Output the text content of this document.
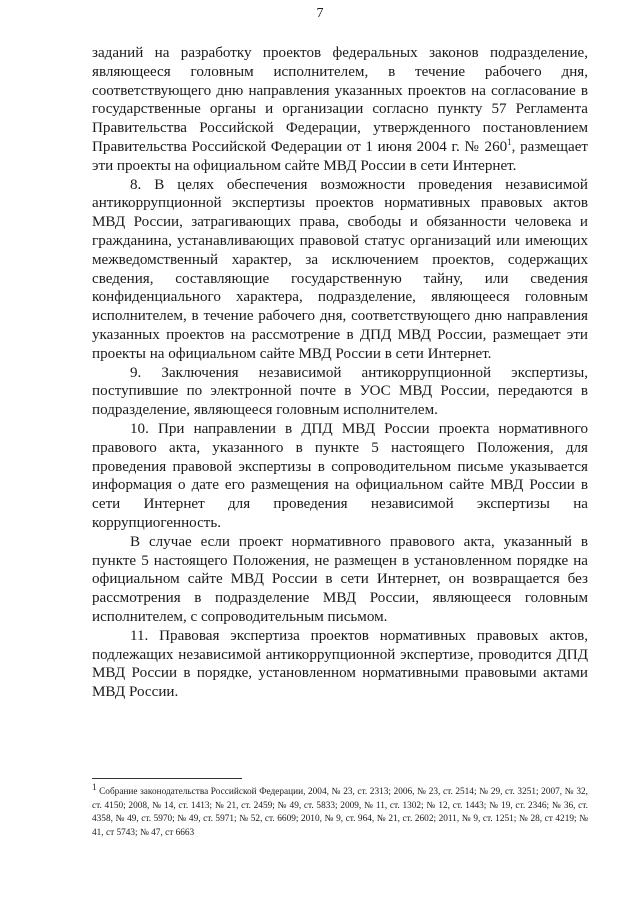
7

заданий на разработку проектов федеральных законов подразделение, являющееся головным исполнителем, в течение рабочего дня, соответствующего дню направления указанных проектов на согласование в государственные органы и организации согласно пункту 57 Регламента Правительства Российской Федерации, утвержденного постановлением Правительства Российской Федерации от 1 июня 2004 г. № $260^1$, размещает эти проекты на официальном сайте МВД России в сети Интернет.

8. В целях обеспечения возможности проведения независимой антикоррупционной экспертизы проектов нормативных правовых актов МВД России, затрагивающих права, свободы и обязанности человека и гражданина, устанавливающих правовой статус организаций или имеющих межведомственный характер, за исключением проектов, содержащих сведения, составляющие государственную тайну, или сведения конфиденциального характера, подразделение, являющееся головным исполнителем, в течение рабочего дня, соответствующего дню направления указанных проектов на рассмотрение в ДПД МВД России, размещает эти проекты на официальном сайте МВД России в сети Интернет.

9. Заключения независимой антикоррупционной экспертизы, поступившие по электронной почте в УОС МВД России, передаются в подразделение, являющееся головным исполнителем.

10. При направлении в ДПД МВД России проекта нормативного правового акта, указанного в пункте 5 настоящего Положения, для проведения правовой экспертизы в сопроводительном письме указывается информация о дате его размещения на официальном сайте МВД России в сети Интернет для проведения независимой экспертизы на коррупциогенность.

В случае если проект нормативного правового акта, указанный в пункте 5 настоящего Положения, не размещен в установленном порядке на официальном сайте МВД России в сети Интернет, он возвращается без рассмотрения в подразделение МВД России, являющееся головным исполнителем, с сопроводительным письмом.

11. Правовая экспертиза проектов нормативных правовых актов, подлежащих независимой антикоррупционной экспертизе, проводится ДПД МВД России в порядке, установленном нормативными правовыми актами МВД России.

$^1$ Собрание законодательства Российской Федерации, 2004, № 23, ст. 2313; 2006, № 23, ст. 2514; № 29, ст. 3251; 2007, № 32, ст. 4150; 2008, № 14, ст. 1413; № 21, ст. 2459; № 49, ст. 5833; 2009, № 11, ст. 1302; № 12, ст. 1443; № 19, ст. 2346; № 36, ст. 4358, № 49, ст. 5970; № 49, ст. 5971; № 52, ст. 6609; 2010, № 9, ст. 964, № 21, ст. 2602; 2011, № 9, ст. 1251; № 28, ст 4219; № 41, ст 5743; № 47, ст 6663
